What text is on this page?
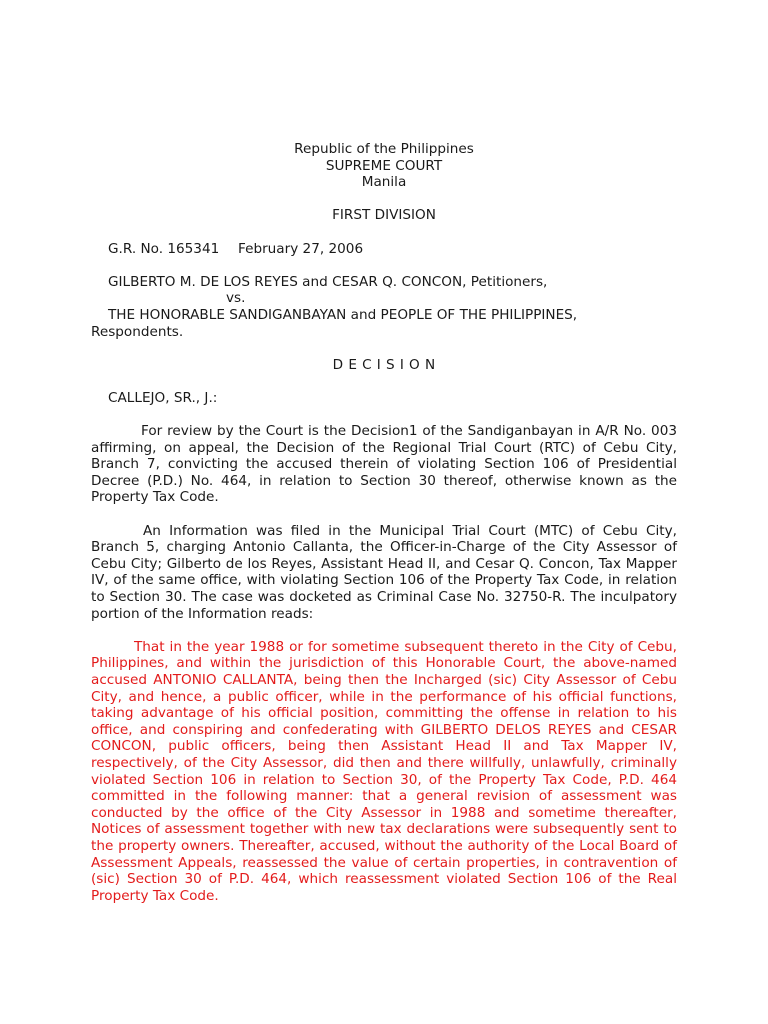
Republic of the Philippines
SUPREME COURT
Manila
FIRST DIVISION
G.R. No. 165341	February 27, 2006
GILBERTO M. DE LOS REYES and CESAR Q. CONCON, Petitioners,
vs.
THE HONORABLE SANDIGANBAYAN and PEOPLE OF THE PHILIPPINES,
Respondents.
DECISION
CALLEJO, SR., J.:

For review by the Court is the Decision1 of the Sandiganbayan in A/R No. 003 affirming, on appeal, the Decision of the Regional Trial Court (RTC) of Cebu City, Branch 7, convicting the accused therein of violating Section 106 of Presidential Decree (P.D.) No. 464, in relation to Section 30 thereof, otherwise known as the Property Tax Code.

An Information was filed in the Municipal Trial Court (MTC) of Cebu City, Branch 5, charging Antonio Callanta, the Officer-in-Charge of the City Assessor of Cebu City; Gilberto de los Reyes, Assistant Head II, and Cesar Q. Concon, Tax Mapper IV, of the same office, with violating Section 106 of the Property Tax Code, in relation to Section 30. The case was docketed as Criminal Case No. 32750-R. The inculpatory portion of the Information reads:

That in the year 1988 or for sometime subsequent thereto in the City of Cebu, Philippines, and within the jurisdiction of this Honorable Court, the above-named accused ANTONIO CALLANTA, being then the Incharged (sic) City Assessor of Cebu City, and hence, a public officer, while in the performance of his official functions, taking advantage of his official position, committing the offense in relation to his office, and conspiring and confederating with GILBERTO DELOS REYES and CESAR CONCON, public officers, being then Assistant Head II and Tax Mapper IV, respectively, of the City Assessor, did then and there willfully, unlawfully, criminally violated Section 106 in relation to Section 30, of the Property Tax Code, P.D. 464 committed in the following manner: that a general revision of assessment was conducted by the office of the City Assessor in 1988 and sometime thereafter, Notices of assessment together with new tax declarations were subsequently sent to the property owners. Thereafter, accused, without the authority of the Local Board of Assessment Appeals, reassessed the value of certain properties, in contravention of (sic) Section 30 of P.D. 464, which reassessment violated Section 106 of the Real Property Tax Code.
